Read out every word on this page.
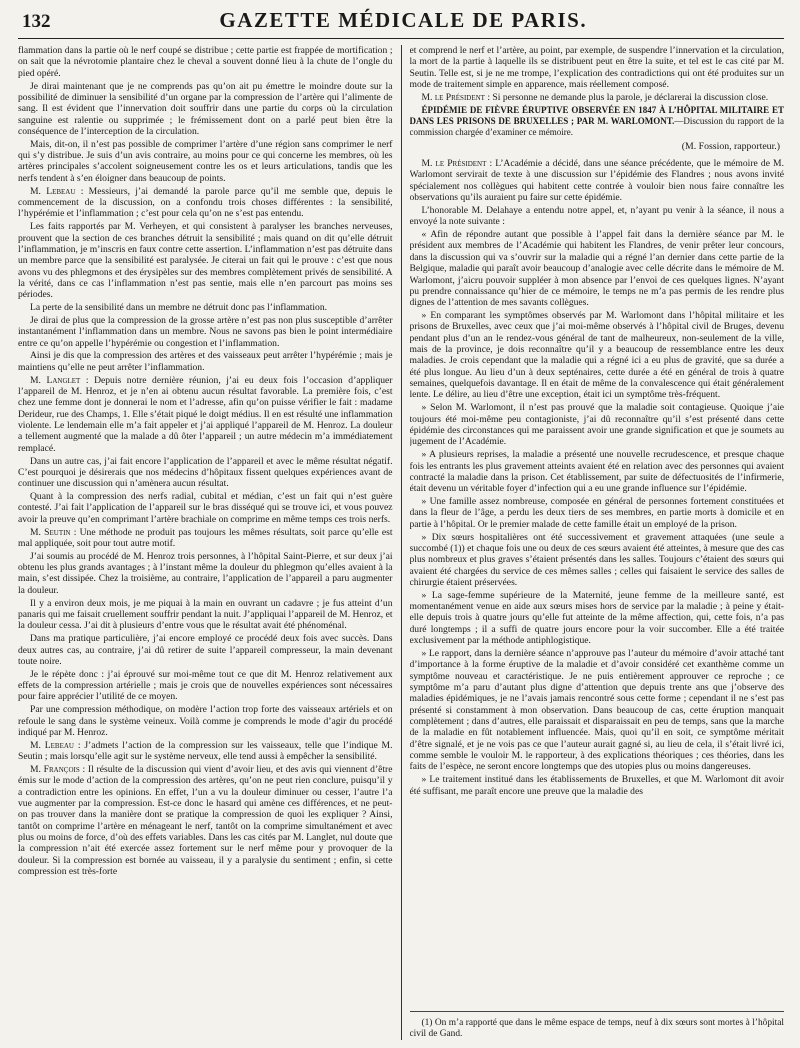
132	GAZETTE MÉDICALE DE PARIS.

flammation dans la partie où le nerf coupé se distribue ; cette partie est frappée de mortification ; on sait que la névrotomie plantaire chez le cheval a souvent donné lieu à la chute de l’ongle du pied opéré.

Je dirai maintenant que je ne comprends pas qu’on ait pu émettre le moindre doute sur la possibilité de diminuer la sensibilité d’un organe par la compression de l’artère qui l’alimente de sang. Il est évident que l’innervation doit souffrir dans une partie du corps où la circulation sanguine est ralentie ou supprimée ; le frémissement dont on a parlé peut bien être la conséquence de l’interception de la circulation.

Mais, dit-on, il n’est pas possible de comprimer l’artère d’une région sans comprimer le nerf qui s’y distribue. Je suis d’un avis contraire, au moins pour ce qui concerne les membres, où les artères principales s’accolent soigneusement contre les os et leurs articulations, tandis que les nerfs tendent à s’en éloigner dans beaucoup de points.

M. Lebeau : Messieurs, j’ai demandé la parole parce qu’il me semble que, depuis le commencement de la discussion, on a confondu trois choses différentes : la sensibilité, l’hypérémie et l’inflammation ; c’est pour cela qu’on ne s’est pas entendu.

Les faits rapportés par M. Verheyen, et qui consistent à paralyser les branches nerveuses, prouvent que la section de ces branches détruit la sensibilité ; mais quand on dit qu’elle détruit l’inflammation, je m’inscris en faux contre cette assertion. L’inflammation n’est pas détruite dans un membre parce que la sensibilité est paralysée. Je citerai un fait qui le prouve : c’est que nous avons vu des phlegmons et des érysipèles sur des membres complètement privés de sensibilité. A la vérité, dans ce cas l’inflammation n’est pas sentie, mais elle n’en parcourt pas moins ses périodes.

La perte de la sensibilité dans un membre ne détruit donc pas l’inflammation.

Je dirai de plus que la compression de la grosse artère n’est pas non plus susceptible d’arrêter instantanément l’inflammation dans un membre. Nous ne savons pas bien le point intermédiaire entre ce qu’on appelle l’hypérémie ou congestion et l’inflammation.

Ainsi je dis que la compression des artères et des vaisseaux peut arrêter l’hypérémie ; mais je maintiens qu’elle ne peut arrêter l’inflammation.

M. Langlet : Depuis notre dernière réunion, j’ai eu deux fois l’occasion d’appliquer l’appareil de M. Henroz, et je n’en ai obtenu aucun résultat favorable. La première fois, c’est chez une femme dont je donnerai le nom et l’adresse, afin qu’on puisse vérifier le fait : madame Derideur, rue des Champs, 1. Elle s’était piqué le doigt médius. Il en est résulté une inflammation violente. Le lendemain elle m’a fait appeler et j’ai appliqué l’appareil de M. Henroz. La douleur a tellement augmenté que la malade a dû ôter l’appareil ; un autre médecin m’a immédiatement remplacé.

Dans un autre cas, j’ai fait encore l’application de l’appareil et avec le même résultat négatif. C’est pourquoi je désirerais que nos médecins d’hôpitaux fissent quelques expériences avant de continuer une discussion qui n’amènera aucun résultat.

Quant à la compression des nerfs radial, cubital et médian, c’est un fait qui n’est guère contesté. J’ai fait l’application de l’appareil sur le bras disséqué qui se trouve ici, et vous pouvez avoir la preuve qu’en comprimant l’artère brachiale on comprime en même temps ces trois nerfs.

M. Seutin : Une méthode ne produit pas toujours les mêmes résultats, soit parce qu’elle est mal appliquée, soit pour tout autre motif.

J’ai soumis au procédé de M. Henroz trois personnes, à l’hôpital Saint-Pierre, et sur deux j’ai obtenu les plus grands avantages ; à l’instant même la douleur du phlegmon qu’elles avaient à la main, s’est dissipée. Chez la troisième, au contraire, l’application de l’appareil a paru augmenter la douleur.

Il y a environ deux mois, je me piquai à la main en ouvrant un cadavre ; je fus atteint d’un panaris qui me faisait cruellement souffrir pendant la nuit. J’appliquai l’appareil de M. Henroz, et la douleur cessa. J’ai dit à plusieurs d’entre vous que le résultat avait été phénoménal.

Dans ma pratique particulière, j’ai encore employé ce procédé deux fois avec succès. Dans deux autres cas, au contraire, j’ai dû retirer de suite l’appareil compresseur, la main devenant toute noire.

Je le répète donc : j’ai éprouvé sur moi-même tout ce que dit M. Henroz relativement aux effets de la compression artérielle ; mais je crois que de nouvelles expériences sont nécessaires pour faire apprécier l’utilité de ce moyen.

Par une compression méthodique, on modère l’action trop forte des vaisseaux artériels et on refoule le sang dans le système veineux. Voilà comme je comprends le mode d’agir du procédé indiqué par M. Henroz.

M. Lebeau : J’admets l’action de la compression sur les vaisseaux, telle que l’indique M. Seutin ; mais lorsqu’elle agit sur le système nerveux, elle tend aussi à empêcher la sensibilité.

M. François : Il résulte de la discussion qui vient d’avoir lieu, et des avis qui viennent d’être émis sur le mode d’action de la compression des artères, qu’on ne peut rien conclure, puisqu’il y a contradiction entre les opinions. En effet, l’un a vu la douleur diminuer ou cesser, l’autre l’a vue augmenter par la compression. Est-ce donc le hasard qui amène ces différences, et ne peut-on pas trouver dans la manière dont se pratique la compression de quoi les expliquer ? Ainsi, tantôt on comprime l’artère en ménageant le nerf, tantôt on la comprime simultanément et avec plus ou moins de force, d’où des effets variables. Dans les cas cités par M. Langlet, nul doute que la compression n’ait été exercée assez fortement sur le nerf même pour y provoquer de la douleur. Si la compression est bornée au vaisseau, il y a paralysie du sentiment ; enfin, si cette compression est très-forte

et comprend le nerf et l’artère, au point, par exemple, de suspendre l’innervation et la circulation, la mort de la partie à laquelle ils se distribuent peut en être la suite, et tel est le cas cité par M. Seutin. Telle est, si je ne me trompe, l’explication des contradictions qui ont été produites sur un mode de traitement simple en apparence, mais réellement composé.

M. le Président : Si personne ne demande plus la parole, je déclarerai la discussion close.

ÉPIDÉMIE DE FIÈVRE ÉRUPTIVE OBSERVÉE EN 1847 À L’HÔPITAL MILITAIRE ET DANS LES PRISONS DE BRUXELLES ; PAR M. WARLOMONT.—Discussion du rapport de la commission chargée d’examiner ce mémoire.

(M. Fossion, rapporteur.)

M. le Président : L’Académie a décidé, dans une séance précédente, que le mémoire de M. Warlomont servirait de texte à une discussion sur l’épidémie des Flandres ; nous avons invité spécialement nos collègues qui habitent cette contrée à vouloir bien nous faire connaître les observations qu’ils auraient pu faire sur cette épidémie.

L’honorable M. Delahaye a entendu notre appel, et, n’ayant pu venir à la séance, il nous a envoyé la note suivante :

« Afin de répondre autant que possible à l’appel fait dans la dernière séance par M. le président aux membres de l’Académie qui habitent les Flandres, de venir prêter leur concours, dans la discussion qui va s’ouvrir sur la maladie qui a régné l’an dernier dans cette partie de la Belgique, maladie qui paraît avoir beaucoup d’analogie avec celle décrite dans le mémoire de M. Warlomont, j’aicru pouvoir suppléer à mon absence par l’envoi de ces quelques lignes. N’ayant pu prendre connaissance qu’hier de ce mémoire, le temps ne m’a pas permis de les rendre plus dignes de l’attention de mes savants collègues.

» En comparant les symptômes observés par M. Warlomont dans l’hôpital militaire et les prisons de Bruxelles, avec ceux que j’ai moi-même observés à l’hôpital civil de Bruges, devenu pendant plus d’un an le rendez-vous général de tant de malheureux, non-seulement de la ville, mais de la province, je dois reconnaître qu’il y a beaucoup de ressemblance entre les deux maladies. Je crois cependant que la maladie qui a régné ici a eu plus de gravité, que sa durée a été plus longue. Au lieu d’un à deux septénaires, cette durée a été en général de trois à quatre semaines, quelquefois davantage. Il en était de même de la convalescence qui était généralement lente. Le délire, au lieu d’être une exception, était ici un symptôme très-fréquent.

» Selon M. Warlomont, il n’est pas prouvé que la maladie soit contagieuse. Quoique j’aie toujours été moi-même peu contagioniste, j’ai dû reconnaître qu’il s’est présenté dans cette épidémie des circonstances qui me paraissent avoir une grande signification et que je soumets au jugement de l’Académie.

» A plusieurs reprises, la maladie a présenté une nouvelle recrudescence, et presque chaque fois les entrants les plus gravement atteints avaient été en relation avec des personnes qui avaient contracté la maladie dans la prison. Cet établissement, par suite de défectuosités de l’infirmerie, était devenu un véritable foyer d’infection qui a eu une grande influence sur l’épidémie.

» Une famille assez nombreuse, composée en général de personnes fortement constituées et dans la fleur de l’âge, a perdu les deux tiers de ses membres, en partie morts à domicile et en partie à l’hôpital. Or le premier malade de cette famille était un employé de la prison.

» Dix sœurs hospitalières ont été successivement et gravement attaquées (une seule a succombé (1)) et chaque fois une ou deux de ces sœurs avaient été atteintes, à mesure que des cas plus nombreux et plus graves s’étaient présentés dans les salles. Toujours c’étaient des sœurs qui avaient été chargées du service de ces mêmes salles ; celles qui faisaient le service des salles de chirurgie étaient préservées.

» La sage-femme supérieure de la Maternité, jeune femme de la meilleure santé, est momentanément venue en aide aux sœurs mises hors de service par la maladie ; à peine y était-elle depuis trois à quatre jours qu’elle fut atteinte de la même affection, qui, cette fois, n’a pas duré longtemps ; il a suffi de quatre jours encore pour la voir succomber. Elle a été traitée exclusivement par la méthode antiphlogistique.

» Le rapport, dans la dernière séance n’approuve pas l’auteur du mémoire d’avoir attaché tant d’importance à la forme éruptive de la maladie et d’avoir considéré cet exanthème comme un symptôme nouveau et caractéristique. Je ne puis entièrement approuver ce reproche ; ce symptôme m’a paru d’autant plus digne d’attention que depuis trente ans que j’observe des maladies épidémiques, je ne l’avais jamais rencontré sous cette forme ; cependant il ne s’est pas présenté si constamment à mon observation. Dans beaucoup de cas, cette éruption manquait complètement ; dans d’autres, elle paraissait et disparaissait en peu de temps, sans que la marche de la maladie en fût notablement influencée. Mais, quoi qu’il en soit, ce symptôme méritait d’être signalé, et je ne vois pas ce que l’auteur aurait gagné si, au lieu de cela, il s’était livré ici, comme semble le vouloir M. le rapporteur, à des explications théoriques ; ces théories, dans les faits de l’espèce, ne seront encore longtemps que des utopies plus ou moins dangereuses.

» Le traitement institué dans les établissements de Bruxelles, et que M. Warlomont dit avoir été suffisant, me paraît encore une preuve que la maladie des

(1) On m’a rapporté que dans le même espace de temps, neuf à dix sœurs sont mortes à l’hôpital civil de Gand.
